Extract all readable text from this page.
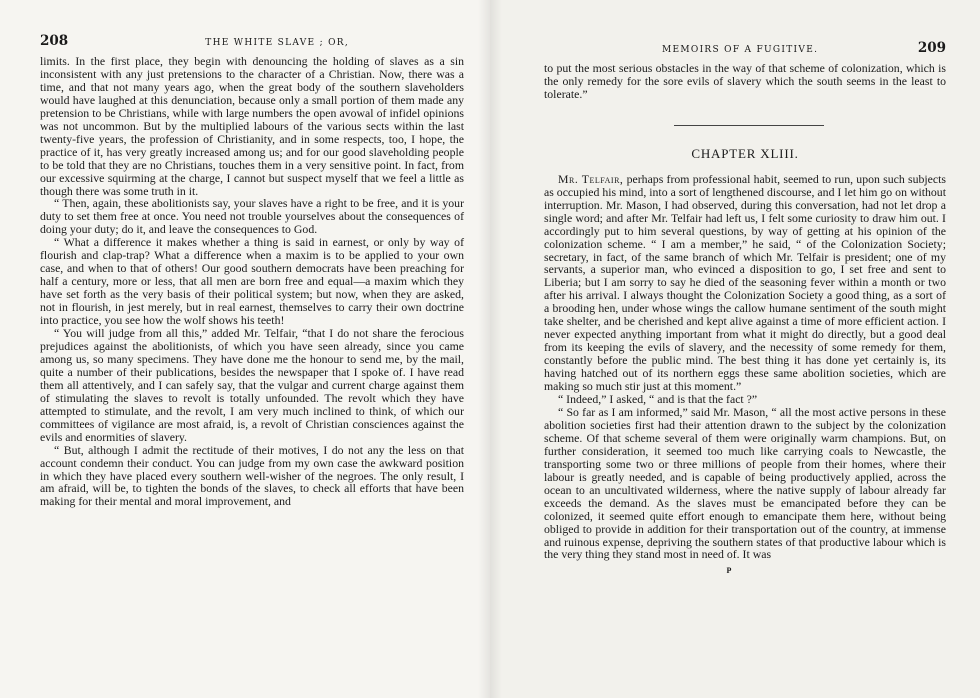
208	THE WHITE SLAVE ; OR,

limits. In the first place, they begin with denouncing the holding of slaves as a sin inconsistent with any just pretensions to the character of a Christian. Now, there was a time, and that not many years ago, when the great body of the southern slaveholders would have laughed at this denunciation, because only a small portion of them made any pretension to be Christians, while with large numbers the open avowal of infidel opinions was not uncommon. But by the multiplied labours of the various sects within the last twenty-five years, the profession of Christianity, and in some respects, too, I hope, the practice of it, has very greatly increased among us; and for our good slaveholding people to be told that they are no Christians, touches them in a very sensitive point. In fact, from our excessive squirming at the charge, I cannot but suspect myself that we feel a little as though there was some truth in it.

“ Then, again, these abolitionists say, your slaves have a right to be free, and it is your duty to set them free at once. You need not trouble yourselves about the consequences of doing your duty; do it, and leave the consequences to God.

“ What a difference it makes whether a thing is said in earnest, or only by way of flourish and clap-trap? What a difference when a maxim is to be applied to your own case, and when to that of others! Our good southern democrats have been preaching for half a century, more or less, that all men are born free and equal—a maxim which they have set forth as the very basis of their political system; but now, when they are asked, not in flourish, in jest merely, but in real earnest, themselves to carry their own doctrine into practice, you see how the wolf shows his teeth!

“ You will judge from all this,” added Mr. Telfair, “that I do not share the ferocious prejudices against the abolitionists, of which you have seen already, since you came among us, so many specimens. They have done me the honour to send me, by the mail, quite a number of their publications, besides the newspaper that I spoke of. I have read them all attentively, and I can safely say, that the vulgar and current charge against them of stimulating the slaves to revolt is totally unfounded. The revolt which they have attempted to stimulate, and the revolt, I am very much inclined to think, of which our committees of vigilance are most afraid, is, a revolt of Christian consciences against the evils and enormities of slavery.

“ But, although I admit the rectitude of their motives, I do not any the less on that account condemn their conduct. You can judge from my own case the awkward position in which they have placed every southern well-wisher of the negroes. The only result, I am afraid, will be, to tighten the bonds of the slaves, to check all efforts that have been making for their mental and moral improvement, and

MEMOIRS OF A FUGITIVE.	209

to put the most serious obstacles in the way of that scheme of colonization, which is the only remedy for the sore evils of slavery which the south seems in the least to tolerate.”

CHAPTER XLIII.

Mr. Telfair, perhaps from professional habit, seemed to run, upon such subjects as occupied his mind, into a sort of lengthened discourse, and I let him go on without interruption. Mr. Mason, I had observed, during this conversation, had not let drop a single word; and after Mr. Telfair had left us, I felt some curiosity to draw him out. I accordingly put to him several questions, by way of getting at his opinion of the colonization scheme. “ I am a member,” he said, “ of the Colonization Society; secretary, in fact, of the same branch of which Mr. Telfair is president; one of my servants, a superior man, who evinced a disposition to go, I set free and sent to Liberia; but I am sorry to say he died of the seasoning fever within a month or two after his arrival. I always thought the Colonization Society a good thing, as a sort of a brooding hen, under whose wings the callow humane sentiment of the south might take shelter, and be cherished and kept alive against a time of more efficient action. I never expected anything important from what it might do directly, but a good deal from its keeping the evils of slavery, and the necessity of some remedy for them, constantly before the public mind. The best thing it has done yet certainly is, its having hatched out of its northern eggs these same abolition societies, which are making so much stir just at this moment.”

“ Indeed,” I asked, “ and is that the fact ?”

“ So far as I am informed,” said Mr. Mason, “ all the most active persons in these abolition societies first had their attention drawn to the subject by the colonization scheme. Of that scheme several of them were originally warm champions. But, on further consideration, it seemed too much like carrying coals to Newcastle, the transporting some two or three millions of people from their homes, where their labour is greatly needed, and is capable of being productively applied, across the ocean to an uncultivated wilderness, where the native supply of labour already far exceeds the demand. As the slaves must be emancipated before they can be colonized, it seemed quite effort enough to emancipate them here, without being obliged to provide in addition for their transportation out of the country, at immense and ruinous expense, depriving the southern states of that productive labour which is the very thing they stand most in need of. It was

P
